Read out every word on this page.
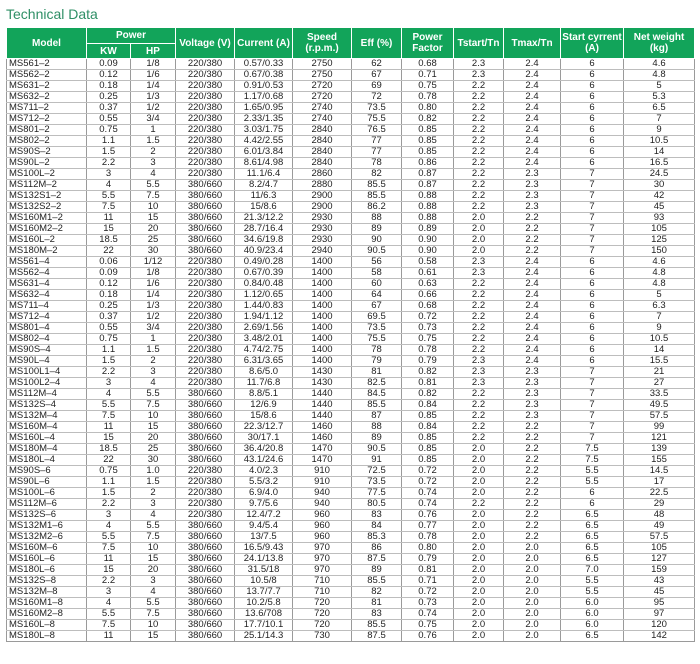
Technical Data
Model	Power		Voltage (V)	Current (A)	Speed (r.p.m.)	Eff (%)	Power Factor	Tstart/Tn	Tmax/Tn	Start cyrrent (A)	Net weight (kg)
	KW	HP									
MS561–2	0.09	1/8	220/380	0.57/0.33	2750	62	0.68	2.3	2.4	6	4.6
MS562–2	0.12	1/6	220/380	0.67/0.38	2750	67	0.71	2.3	2.4	6	4.8
MS631–2	0.18	1/4	220/380	0.91/0.53	2720	69	0.75	2.2	2.4	6	5
MS632–2	0.25	1/3	220/380	1.17/0.68	2720	72	0.78	2.2	2.4	6	5.3
MS711–2	0.37	1/2	220/380	1.65/0.95	2740	73.5	0.80	2.2	2.4	6	6.5
MS712–2	0.55	3/4	220/380	2.33/1.35	2740	75.5	0.82	2.2	2.4	6	7
MS801–2	0.75	1	220/380	3.03/1.75	2840	76.5	0.85	2.2	2.4	6	9
MS802–2	1.1	1.5	220/380	4.42/2.55	2840	77	0.85	2.2	2.4	6	10.5
MS90S–2	1.5	2	220/380	6.01/3.84	2840	77	0.85	2.2	2.4	6	14
MS90L–2	2.2	3	220/380	8.61/4.98	2840	78	0.86	2.2	2.4	6	16.5
MS100L–2	3	4	220/380	11.1/6.4	2860	82	0.87	2.2	2.3	7	24.5
MS112M–2	4	5.5	380/660	8.2/4.7	2880	85.5	0.87	2.2	2.3	7	30
MS132S1–2	5.5	7.5	380/660	11/6.3	2900	85.5	0.88	2.2	2.3	7	42
MS132S2–2	7.5	10	380/660	15/8.6	2900	86.2	0.88	2.2	2.3	7	45
MS160M1–2	11	15	380/660	21.3/12.2	2930	88	0.88	2.0	2.2	7	93
MS160M2–2	15	20	380/660	28.7/16.4	2930	89	0.89	2.0	2.2	7	105
MS160L–2	18.5	25	380/660	34.6/19.8	2930	90	0.90	2.0	2.2	7	125
MS180M–2	22	30	380/660	40.9/23.4	2940	90.5	0.90	2.0	2.2	7	150
MS561–4	0.06	1/12	220/380	0.49/0.28	1400	56	0.58	2.3	2.4	6	4.6
MS562–4	0.09	1/8	220/380	0.67/0.39	1400	58	0.61	2.3	2.4	6	4.8
MS631–4	0.12	1/6	220/380	0.84/0.48	1400	60	0.63	2.2	2.4	6	4.8
MS632–4	0.18	1/4	220/380	1.12/0.65	1400	64	0.66	2.2	2.4	6	5
MS711–4	0.25	1/3	220/380	1.44/0.83	1400	67	0.68	2.2	2.4	6	6.3
MS712–4	0.37	1/2	220/380	1.94/1.12	1400	69.5	0.72	2.2	2.4	6	7
MS801–4	0.55	3/4	220/380	2.69/1.56	1400	73.5	0.73	2.2	2.4	6	9
MS802–4	0.75	1	220/380	3.48/2.01	1400	75.5	0.75	2.2	2.4	6	10.5
MS90S–4	1.1	1.5	220/380	4.74/2.75	1400	78	0.78	2.2	2.4	6	14
MS90L–4	1.5	2	220/380	6.31/3.65	1400	79	0.79	2.3	2.4	6	15.5
MS100L1–4	2.2	3	220/380	8.6/5.0	1430	81	0.82	2.3	2.3	7	21
MS100L2–4	3	4	220/380	11.7/6.8	1430	82.5	0.81	2.3	2.3	7	27
MS112M–4	4	5.5	380/660	8.8/5.1	1440	84.5	0.82	2.2	2.3	7	33.5
MS132S–4	5.5	7.5	380/660	12/6.9	1440	85.5	0.84	2.2	2.3	7	49.5
MS132M–4	7.5	10	380/660	15/8.6	1440	87	0.85	2.2	2.3	7	57.5
MS160M–4	11	15	380/660	22.3/12.7	1460	88	0.84	2.2	2.2	7	99
MS160L–4	15	20	380/660	30/17.1	1460	89	0.85	2.2	2.2	7	121
MS180M–4	18.5	25	380/660	36.4/20.8	1470	90.5	0.85	2.0	2.2	7.5	139
MS180L–4	22	30	380/660	43.1/24.6	1470	91	0.85	2.0	2.2	7.5	155
MS90S–6	0.75	1.0	220/380	4.0/2.3	910	72.5	0.72	2.0	2.2	5.5	14.5
MS90L–6	1.1	1.5	220/380	5.5/3.2	910	73.5	0.72	2.0	2.2	5.5	17
MS100L–6	1.5	2	220/380	6.9/4.0	940	77.5	0.74	2.0	2.2	6	22.5
MS112M–6	2.2	3	220/380	9.7/5.6	940	80.5	0.74	2.2	2.2	6	29
MS132S–6	3	4	220/380	12.4/7.2	960	83	0.76	2.0	2.2	6.5	48
MS132M1–6	4	5.5	380/660	9.4/5.4	960	84	0.77	2.0	2.2	6.5	49
MS132M2–6	5.5	7.5	380/660	13/7.5	960	85.3	0.78	2.0	2.2	6.5	57.5
MS160M–6	7.5	10	380/660	16.5/9.43	970	86	0.80	2.0	2.0	6.5	105
MS160L–6	11	15	380/660	24.1/13.8	970	87.5	0.79	2.0	2.0	6.5	127
MS180L–6	15	20	380/660	31.5/18	970	89	0.81	2.0	2.0	7.0	159
MS132S–8	2.2	3	380/660	10.5/8	710	85.5	0.71	2.0	2.0	5.5	43
MS132M–8	3	4	380/660	13.7/7.7	710	82	0.72	2.0	2.0	5.5	45
MS160M1–8	4	5.5	380/660	10.2/5.8	720	81	0.73	2.0	2.0	6.0	95
MS160M2–8	5.5	7.5	380/660	13.6/708	720	83	0.74	2.0	2.0	6.0	97
MS160L–8	7.5	10	380/660	17.7/10.1	720	85.5	0.75	2.0	2.0	6.0	120
MS180L–8	11	15	380/660	25.1/14.3	730	87.5	0.76	2.0	2.0	6.5	142
